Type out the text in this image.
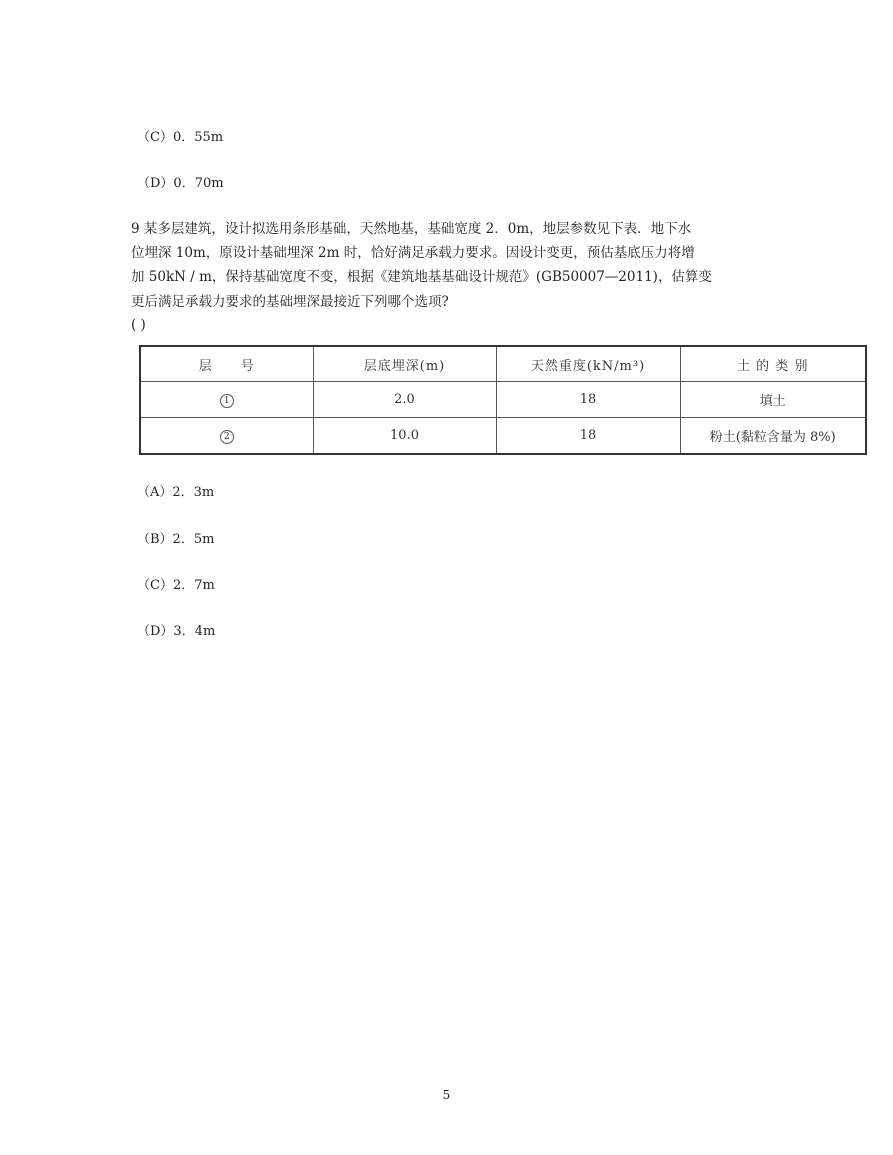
（C）0．55m
（D）0．70m
9 某多层建筑，设计拟选用条形基础，天然地基，基础宽度 2．0m，地层参数见下表．地下水
位埋深 10m，原设计基础埋深 2m 时，恰好满足承载力要求。因设计变更，预估基底压力将增
加 50kN / m，保持基础宽度不变，根据《建筑地基基础设计规范》(GB50007—2011)，估算变
更后满足承载力要求的基础埋深最接近下列哪个选项?
( )
层　　号	层底埋深(m)	天然重度(kN/m³)	土 的 类 别
1	2.0	18	填土
2	10.0	18	粉土(黏粒含量为 8%)
（A）2．3m
（B）2．5m
（C）2．7m
（D）3．4m
5
